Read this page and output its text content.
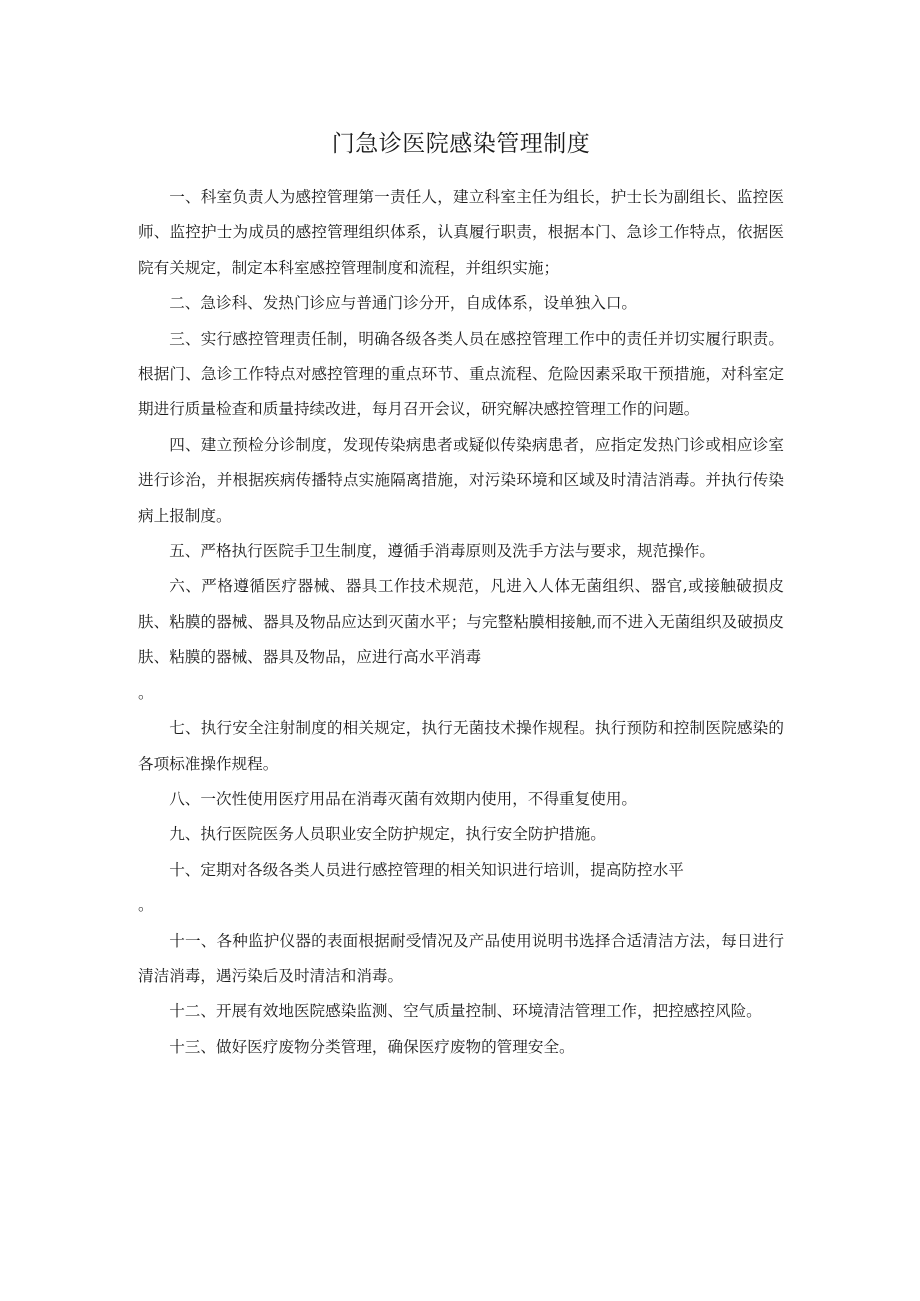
门急诊医院感染管理制度

一、科室负责人为感控管理第一责任人，建立科室主任为组长，护士长为副组长、监控医师、监控护士为成员的感控管理组织体系，认真履行职责，根据本门、急诊工作特点，依据医院有关规定，制定本科室感控管理制度和流程，并组织实施；

二、急诊科、发热门诊应与普通门诊分开，自成体系，设单独入口。

三、实行感控管理责任制，明确各级各类人员在感控管理工作中的责任并切实履行职责。根据门、急诊工作特点对感控管理的重点环节、重点流程、危险因素采取干预措施，对科室定期进行质量检查和质量持续改进，每月召开会议，研究解决感控管理工作的问题。

四、建立预检分诊制度，发现传染病患者或疑似传染病患者，应指定发热门诊或相应诊室进行诊治，并根据疾病传播特点实施隔离措施，对污染环境和区域及时清洁消毒。并执行传染病上报制度。

五、严格执行医院手卫生制度，遵循手消毒原则及洗手方法与要求，规范操作。

六、严格遵循医疗器械、器具工作技术规范，凡进入人体无菌组织、器官,或接触破损皮肤、粘膜的器械、器具及物品应达到灭菌水平；与完整粘膜相接触,而不进入无菌组织及破损皮肤、粘膜的器械、器具及物品，应进行高水平消毒

。

七、执行安全注射制度的相关规定，执行无菌技术操作规程。执行预防和控制医院感染的各项标准操作规程。

八、一次性使用医疗用品在消毒灭菌有效期内使用，不得重复使用。

九、执行医院医务人员职业安全防护规定，执行安全防护措施。

十、定期对各级各类人员进行感控管理的相关知识进行培训，提高防控水平

。

十一、各种监护仪器的表面根据耐受情况及产品使用说明书选择合适清洁方法，每日进行清洁消毒，遇污染后及时清洁和消毒。

十二、开展有效地医院感染监测、空气质量控制、环境清洁管理工作，把控感控风险。

十三、做好医疗废物分类管理，确保医疗废物的管理安全。
